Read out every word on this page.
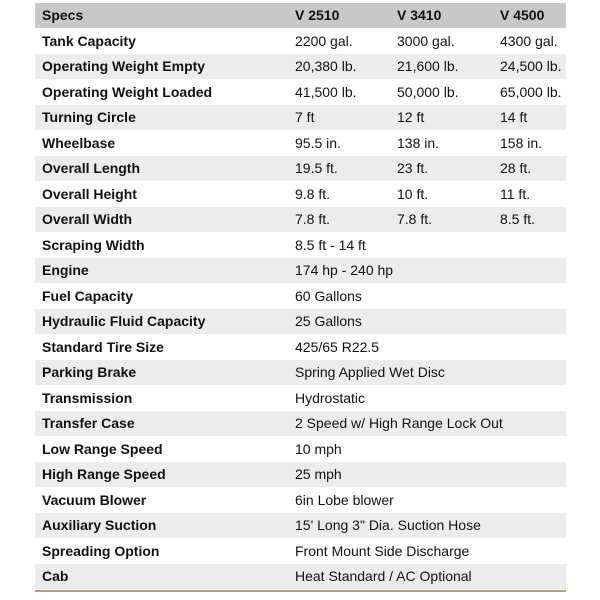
Specs	V 2510	V 3410	V 4500
Tank Capacity	2200 gal.	3000 gal.	4300 gal.
Operating Weight Empty	20,380 lb.	21,600 lb.	24,500 lb.
Operating Weight Loaded	41,500 lb.	50,000 lb.	65,000 lb.
Turning Circle	7 ft	12 ft	14 ft
Wheelbase	95.5 in.	138 in.	158 in.
Overall Length	19.5 ft.	23 ft.	28 ft.
Overall Height	9.8 ft.	10 ft.	11 ft.
Overall Width	7.8 ft.	7.8 ft.	8.5 ft.
Scraping Width	8.5 ft - 14 ft		
Engine	174 hp - 240 hp		
Fuel Capacity	60 Gallons		
Hydraulic Fluid Capacity	25 Gallons		
Standard Tire Size	425/65 R22.5		
Parking Brake	Spring Applied Wet Disc		
Transmission	Hydrostatic		
Transfer Case	2 Speed w/ High Range Lock Out		
Low Range Speed	10 mph		
High Range Speed	25 mph		
Vacuum Blower	6in Lobe blower		
Auxiliary Suction	15' Long 3" Dia. Suction Hose		
Spreading Option	Front Mount Side Discharge		
Cab	Heat Standard / AC Optional		
